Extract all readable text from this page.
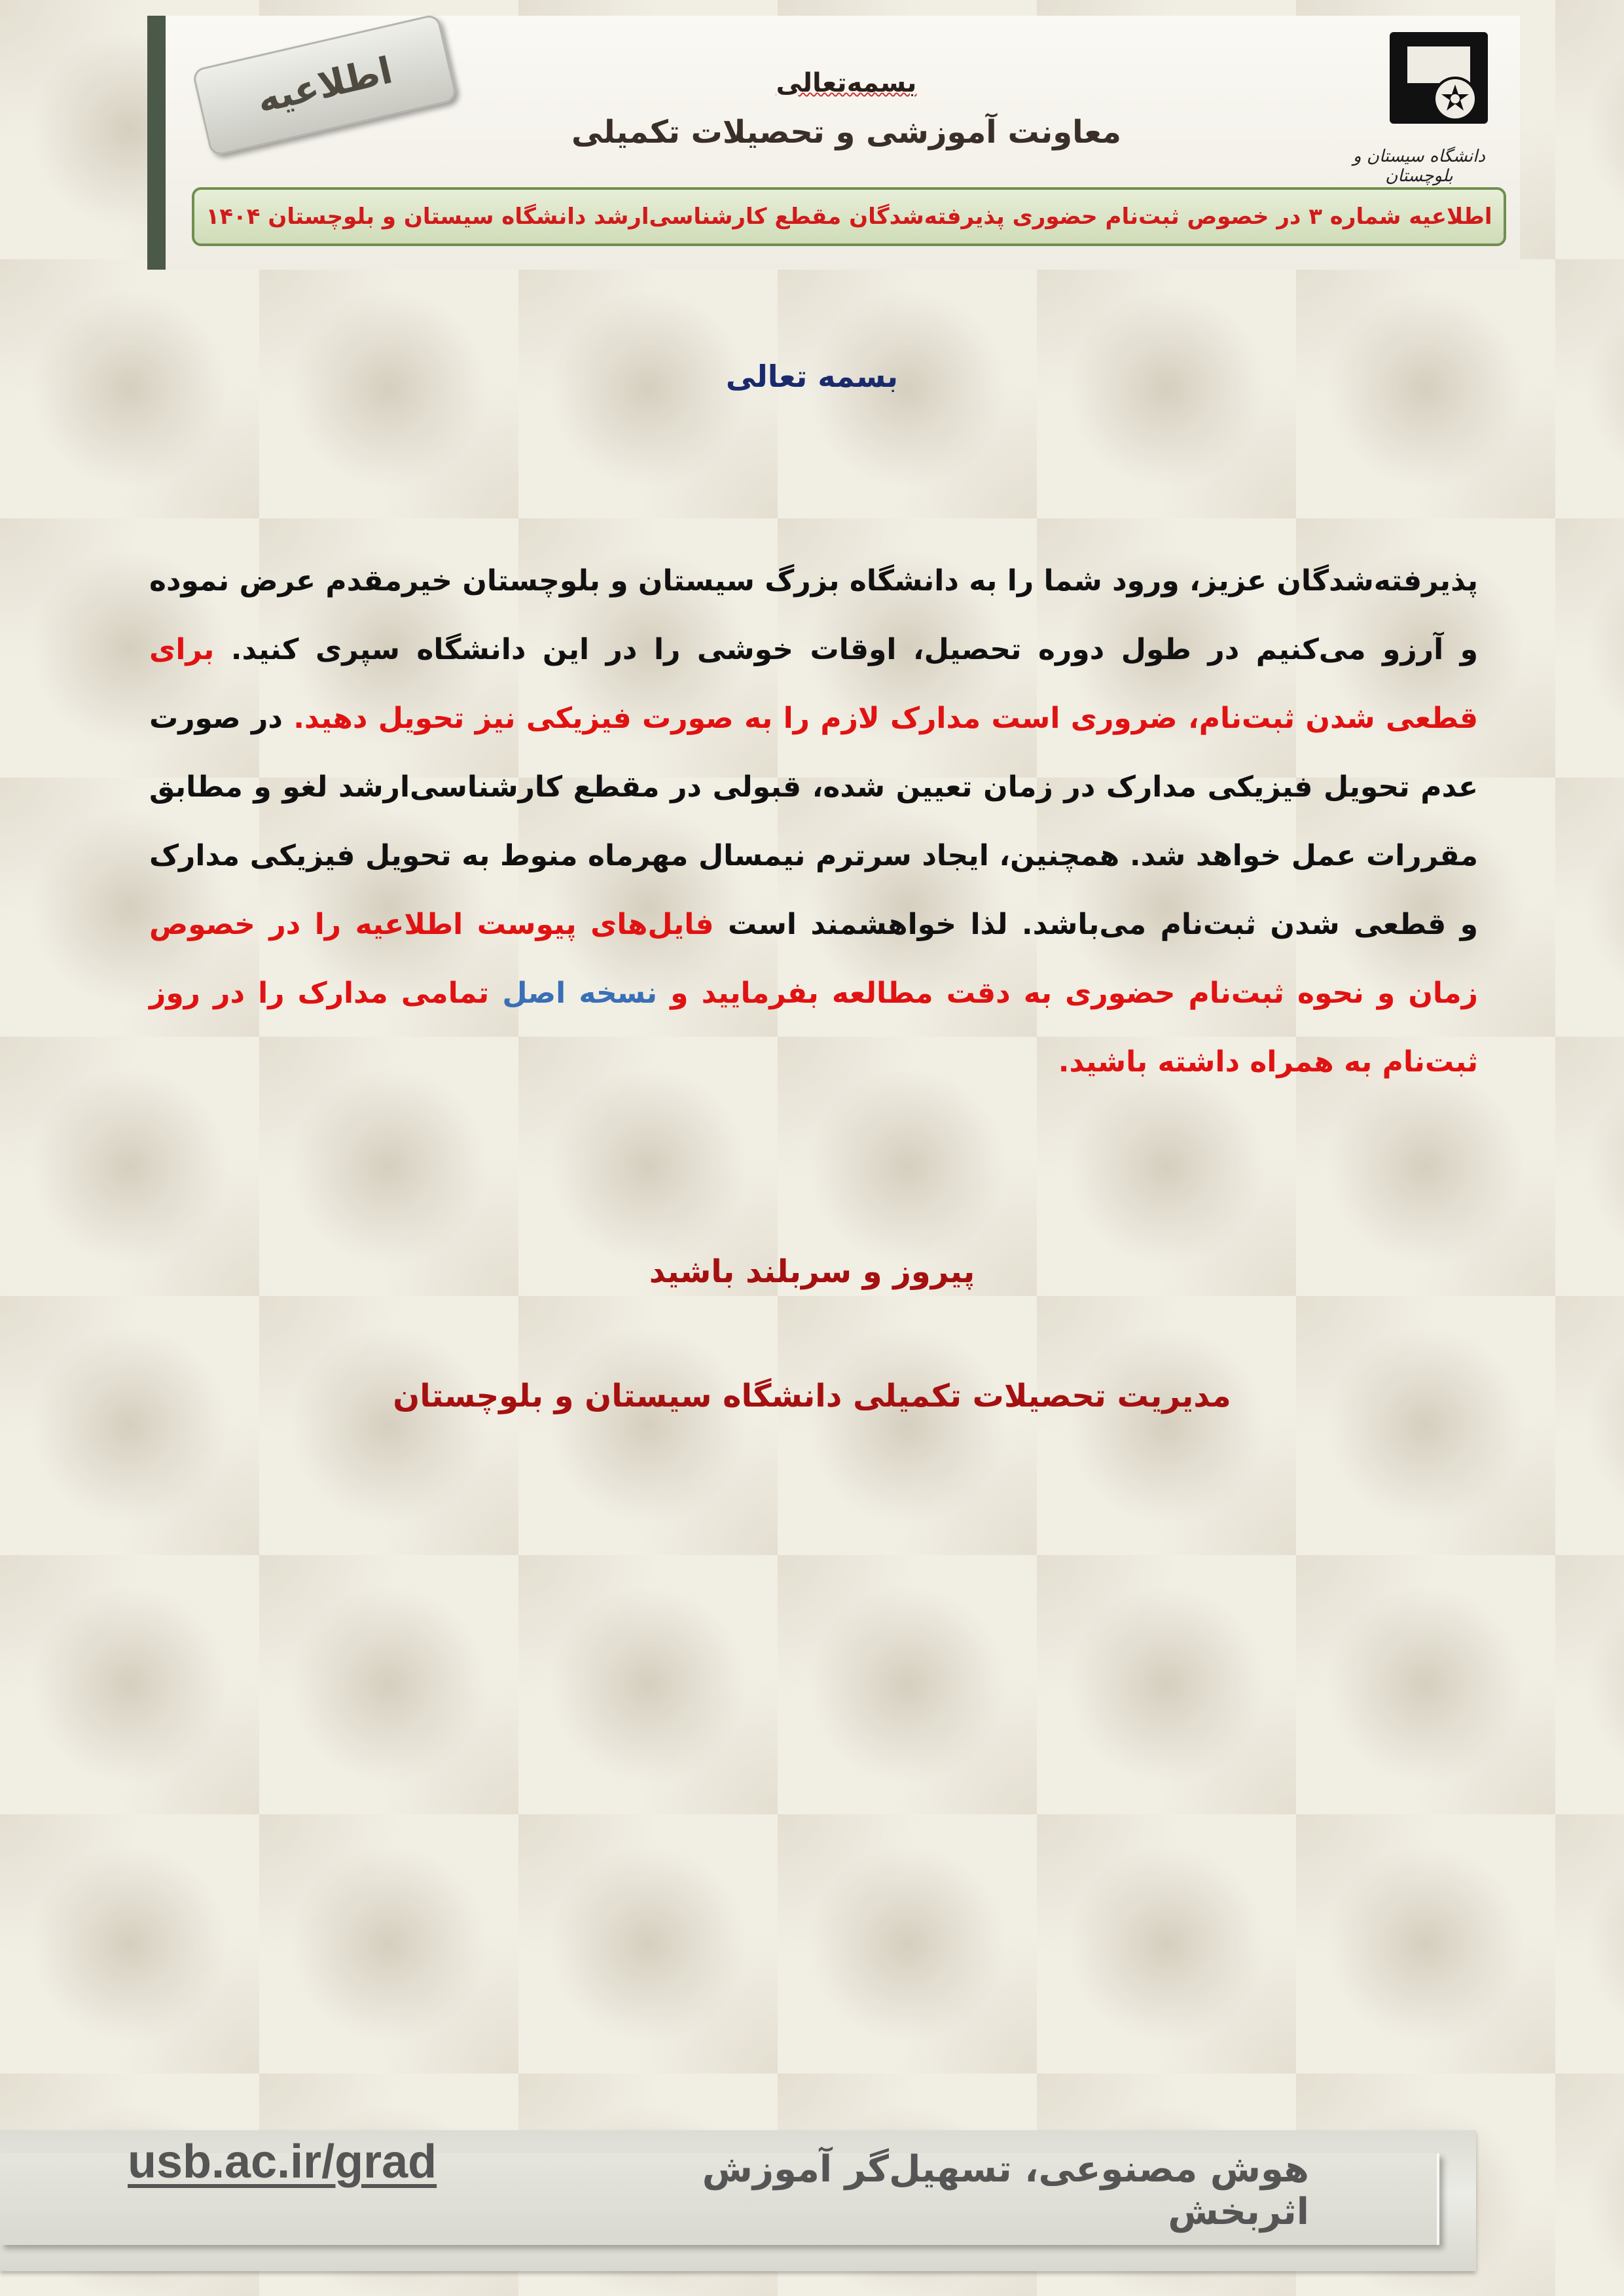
اطلاعیه	بسمه‌تعالی
معاونت آموزشی و تحصیلات تکمیلی
دانشگاه سیستان و بلوچستان
اطلاعیه شماره ۳ در خصوص ثبت‌نام حضوری پذیرفته‌شدگان مقطع کارشناسی‌ارشد دانشگاه سیستان و بلوچستان ۱۴۰۴
بسمه تعالی
پذیرفته‌شدگان عزیز، ورود شما را به دانشگاه بزرگ سیستان و بلوچستان خیرمقدم عرض نموده و آرزو می‌کنیم در طول دوره تحصیل، اوقات خوشی را در این دانشگاه سپری کنید. برای قطعی شدن ثبت‌نام، ضروری است مدارک لازم را به صورت فیزیکی نیز تحویل دهید. در صورت عدم تحویل فیزیکی مدارک در زمان تعیین شده، قبولی در مقطع کارشناسی‌ارشد لغو و مطابق مقررات عمل خواهد شد. همچنین، ایجاد سرترم نیمسال مهرماه منوط به تحویل فیزیکی مدارک و قطعی شدن ثبت‌نام می‌باشد. لذا خواهشمند است فایل‌های پیوست اطلاعیه را در خصوص زمان و نحوه ثبت‌نام حضوری به دقت مطالعه بفرمایید و نسخه اصل تمامی مدارک را در روز ثبت‌نام به همراه داشته باشید.
پیروز و سربلند باشید
مدیریت تحصیلات تکمیلی دانشگاه سیستان و بلوچستان
usb.ac.ir/grad	هوش مصنوعی، تسهیل‌گر آموزش اثربخش
